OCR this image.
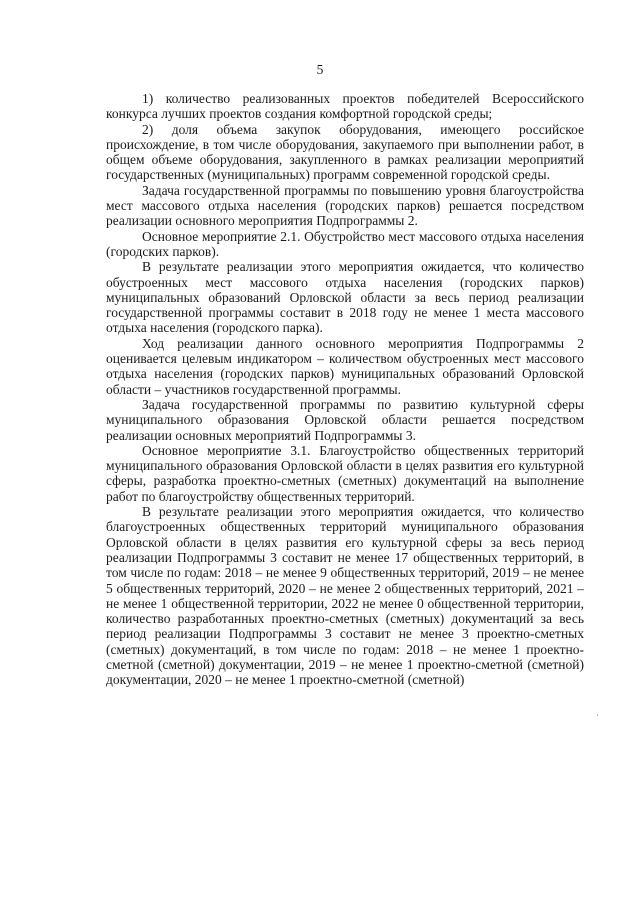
5

1) количество реализованных проектов победителей Всероссийского конкурса лучших проектов создания комфортной городской среды;

2) доля объема закупок оборудования, имеющего российское происхождение, в том числе оборудования, закупаемого при выполнении работ, в общем объеме оборудования, закупленного в рамках реализации мероприятий государственных (муниципальных) программ современной городской среды.

Задача государственной программы по повышению уровня благоустройства мест массового отдыха населения (городских парков) решается посредством реализации основного мероприятия Подпрограммы 2.

Основное мероприятие 2.1. Обустройство мест массового отдыха населения (городских парков).

В результате реализации этого мероприятия ожидается, что количество обустроенных мест массового отдыха населения (городских парков) муниципальных образований Орловской области за весь период реализации государственной программы составит в 2018 году не менее 1 места массового отдыха населения (городского парка).

Ход реализации данного основного мероприятия Подпрограммы 2 оценивается целевым индикатором – количеством обустроенных мест массового отдыха населения (городских парков) муниципальных образований Орловской области – участников государственной программы.

Задача государственной программы по развитию культурной сферы муниципального образования Орловской области решается посредством реализации основных мероприятий Подпрограммы 3.

Основное мероприятие 3.1. Благоустройство общественных территорий муниципального образования Орловской области в целях развития его культурной сферы, разработка проектно-сметных (сметных) документаций на выполнение работ по благоустройству общественных территорий.

В результате реализации этого мероприятия ожидается, что количество благоустроенных общественных территорий муниципального образования Орловской области в целях развития его культурной сферы за весь период реализации Подпрограммы 3 составит не менее 17 общественных территорий, в том числе по годам: 2018 – не менее 9 общественных территорий, 2019 – не менее 5 общественных территорий, 2020 – не менее 2 общественных территорий, 2021 – не менее 1 общественной территории, 2022 не менее 0 общественной территории, количество разработанных проектно-сметных (сметных) документаций за весь период реализации Подпрограммы 3 составит не менее 3 проектно-сметных (сметных) документаций, в том числе по годам: 2018 – не менее 1 проектно-сметной (сметной) документации, 2019 – не менее 1 проектно-сметной (сметной) документации, 2020 – не менее 1 проектно-сметной (сметной)
